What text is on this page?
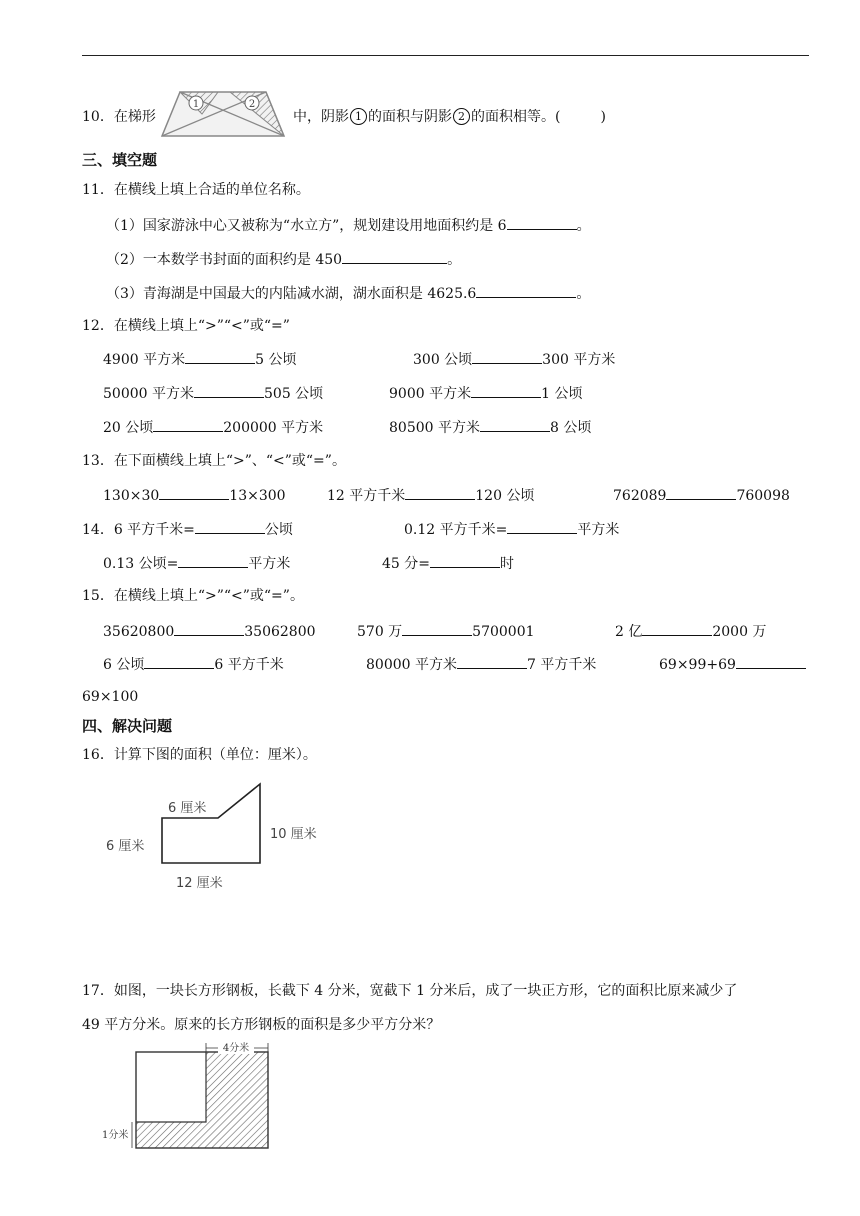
10．在梯形
1	2
中，阴影 1 的面积与阴影 2 的面积相等。(	)
三、填空题
11．在横线上填上合适的单位名称。
（1）国家游泳中心又被称为“水立方”，规划建设用地面积约是 6	。
（2）一本数学书封面的面积约是 450	。
（3）青海湖是中国最大的内陆减水湖，湖水面积是 4625.6	。
12．在横线上填上“>”“<”或“=”
4900 平方米	5 公顷	300 公顷	300 平方米
50000 平方米	505 公顷	9000 平方米	1 公顷
20 公顷	200000 平方米	80500 平方米	8 公顷
13．在下面横线上填上“>”、“<”或“=”。
130×30	13×300	12 平方千米	120 公顷	762089	760098
14．6 平方千米=	公顷	0.12 平方千米=	平方米
0.13 公顷=	平方米	45 分=	时
15．在横线上填上“>”“<”或“=”。
35620800	35062800	570 万	5700001	2 亿	2000 万
6 公顷	6 平方千米	80000 平方米	7 平方千米	69×99+69
69×100
四、解决问题
16．计算下图的面积（单位：厘米）。
6 厘米
6 厘米
10 厘米
12 厘米
17．如图，一块长方形钢板，长截下 4 分米，宽截下 1 分米后，成了一块正方形，它的面积比原来减少了
49 平方分米。原来的长方形钢板的面积是多少平方分米？
4分米
1分米
